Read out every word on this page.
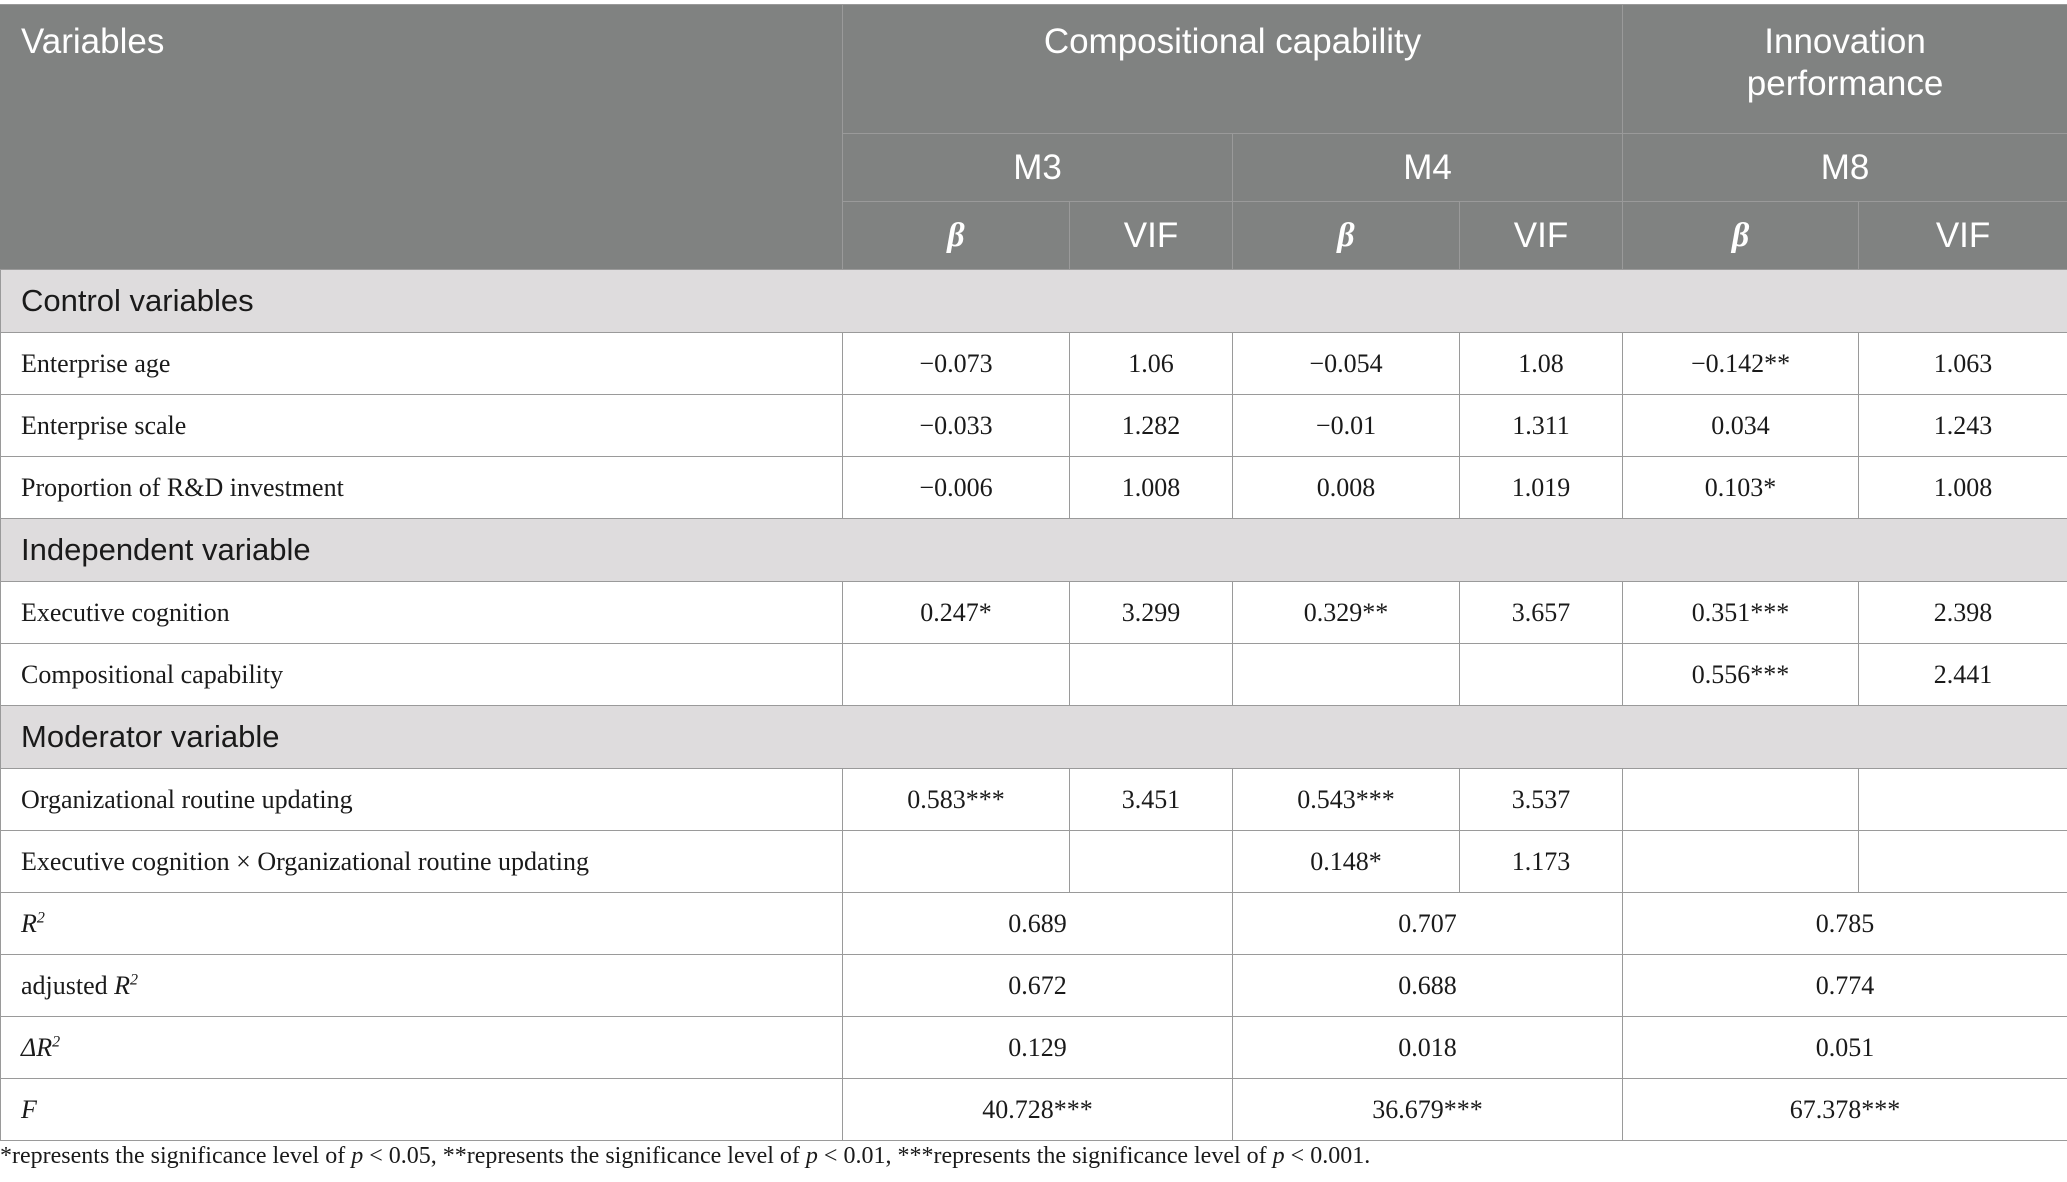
Variables	Compositional capability				Innovation performance	
	M3		M4		M8	
	β	VIF	β	VIF	β	VIF
Control variables						
Enterprise age	−0.073	1.06	−0.054	1.08	−0.142**	1.063
Enterprise scale	−0.033	1.282	−0.01	1.311	0.034	1.243
Proportion of R&D investment	−0.006	1.008	0.008	1.019	0.103*	1.008
Independent variable						
Executive cognition	0.247*	3.299	0.329**	3.657	0.351***	2.398
Compositional capability					0.556***	2.441
Moderator variable						
Organizational routine updating	0.583***	3.451	0.543***	3.537		
Executive cognition × Organizational routine updating			0.148*	1.173		
$R^2$	0.689		0.707		0.785	
adjusted $R^2$	0.672		0.688		0.774	
$\Delta R^2$	0.129		0.018		0.051	
F	40.728***		36.679***		67.378***	
*represents the significance level of p < 0.05, **represents the significance level of p < 0.01, ***represents the significance level of p < 0.001.
